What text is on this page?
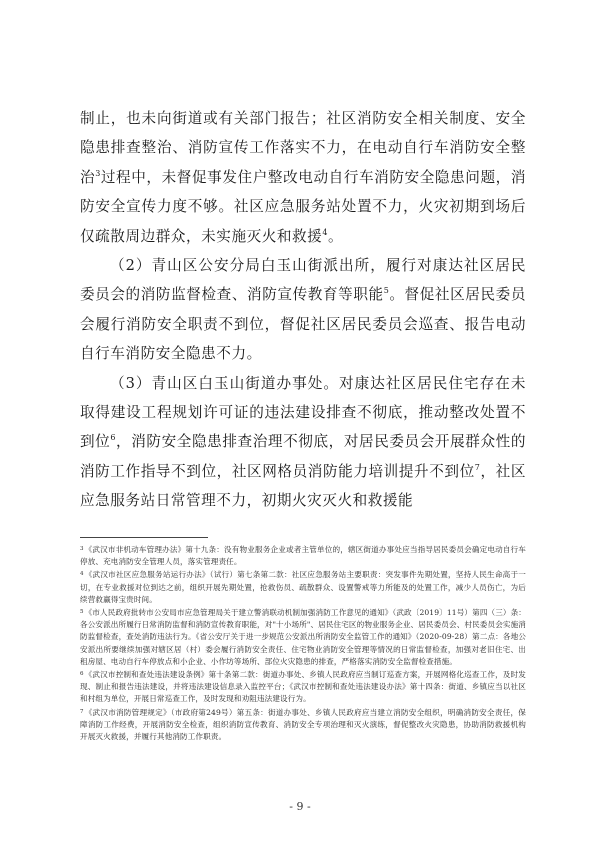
制止，也未向街道或有关部门报告；社区消防安全相关制度、安全隐患排查整治、消防宣传工作落实不力，在电动自行车消防安全整治$^3$过程中，未督促事发住户整改电动自行车消防安全隐患问题，消防安全宣传力度不够。社区应急服务站处置不力，火灾初期到场后仅疏散周边群众，未实施灭火和救援$^4$。

（2）青山区公安分局白玉山街派出所，履行对康达社区居民委员会的消防监督检查、消防宣传教育等职能$^5$。督促社区居民委员会履行消防安全职责不到位，督促社区居民委员会巡查、报告电动自行车消防安全隐患不力。

（3）青山区白玉山街道办事处。对康达社区居民住宅存在未取得建设工程规划许可证的违法建设排查不彻底，推动整改处置不到位$^6$，消防安全隐患排查治理不彻底，对居民委员会开展群众性的消防工作指导不到位，社区网格员消防能力培训提升不到位$^7$，社区应急服务站日常管理不力，初期火灾灭火和救援能

$^3$《武汉市非机动车管理办法》第十九条：没有物业服务企业或者主管单位的，辖区街道办事处应当指导居民委员会确定电动自行车停放、充电消防安全管理人员，落实管理责任。

$^4$《武汉市社区应急服务站运行办法》（试行）第七条第二款：社区应急服务站主要职责：突发事件先期处置，坚持人民生命高于一切，在专业救援对位到达之前，组织开展先期处置，抢救伤员、疏散群众、设置警戒等力所能及的处置工作，减少人员伤亡，为后续营救赢得宝贵时间。

$^5$《市人民政府批转市公安局市应急管理局关于建立警消联动机制加强消防工作意见的通知》（武政〔2019〕11号）第四（三）条：各公安派出所履行日常消防监督和消防宣传教育职能，对"十小场所"、居民住宅区的物业服务企业、居民委员会、村民委员会实施消防监督检查，查处消防违法行为。《省公安厅关于进一步规范公安派出所消防安全监管工作的通知》（2020-09-28）第二点：各地公安派出所要继续加强对辖区居（村）委会履行消防安全责任、住宅物业消防安全管理等情况的日常监督检查，加强对老旧住宅、出租房屋、电动自行车停放点和小企业、小作坊等场所、部位火灾隐患的排查，严格落实消防安全监督检查措施。

$^6$《武汉市控制和查处违法建设条例》第十条第二款：街道办事处、乡镇人民政府应当制订巡查方案，开展网格化巡查工作，及时发现、制止和报告违法建设，并将违法建设信息录入监控平台；《武汉市控制和查处违法建设办法》第十四条：街道、乡镇应当以社区和村组为单位，开展日常巡查工作，及时发现和劝阻违法建设行为。

$^7$《武汉市消防管理规定》（市政府第249号）第五条：街道办事处、乡镇人民政府应当建立消防安全组织，明确消防安全责任，保障消防工作经费，开展消防安全检查，组织消防宣传教育、消防安全专项治理和灭火演练，督促整改火灾隐患，协助消防救援机构开展灭火救援，并履行其他消防工作职责。

- 9 -
